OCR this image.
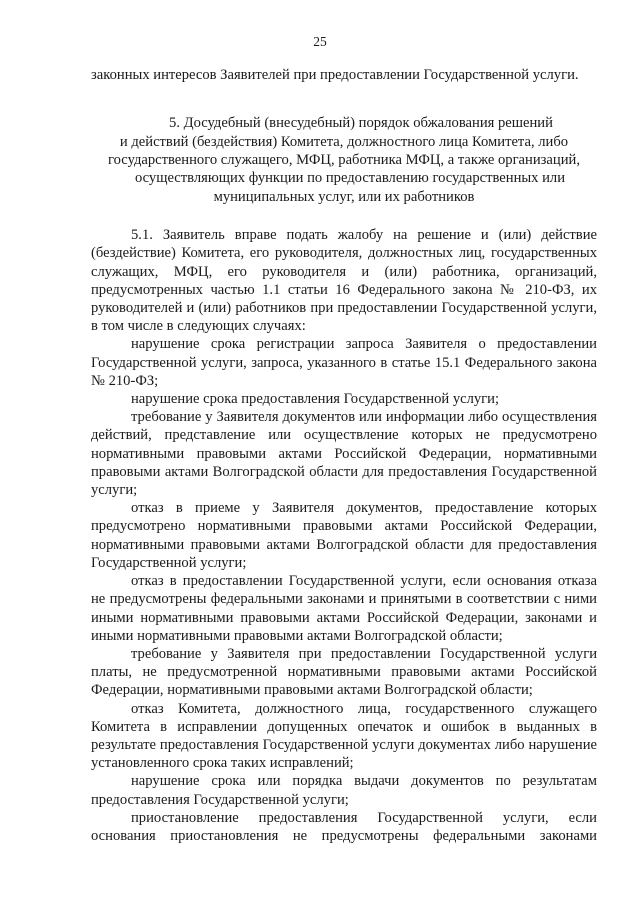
25

законных интересов Заявителей при предоставлении Государственной услуги.

5. Досудебный (внесудебный) порядок обжалования решений
и действий (бездействия) Комитета, должностного лица Комитета, либо
государственного служащего, МФЦ, работника МФЦ, а также организаций,
осуществляющих функции по предоставлению государственных или
муниципальных услуг, или их работников

5.1. Заявитель вправе подать жалобу на решение и (или) действие (бездействие) Комитета, его руководителя, должностных лиц, государственных служащих, МФЦ, его руководителя и (или) работника, организаций, предусмотренных частью 1.1 статьи 16 Федерального закона № 210-ФЗ, их руководителей и (или) работников при предоставлении Государственной услуги, в том числе в следующих случаях:

нарушение срока регистрации запроса Заявителя о предоставлении Государственной услуги, запроса, указанного в статье 15.1 Федерального закона № 210-ФЗ;

нарушение срока предоставления Государственной услуги;

требование у Заявителя документов или информации либо осуществления действий, представление или осуществление которых не предусмотрено нормативными правовыми актами Российской Федерации, нормативными правовыми актами Волгоградской области для предоставления Государственной услуги;

отказ в приеме у Заявителя документов, предоставление которых предусмотрено нормативными правовыми актами Российской Федерации, нормативными правовыми актами Волгоградской области для предоставления Государственной услуги;

отказ в предоставлении Государственной услуги, если основания отказа не предусмотрены федеральными законами и принятыми в соответствии с ними иными нормативными правовыми актами Российской Федерации, законами и иными нормативными правовыми актами Волгоградской области;

требование у Заявителя при предоставлении Государственной услуги платы, не предусмотренной нормативными правовыми актами Российской Федерации, нормативными правовыми актами Волгоградской области;

отказ Комитета, должностного лица, государственного служащего Комитета в исправлении допущенных опечаток и ошибок в выданных в результате предоставления Государственной услуги документах либо нарушение установленного срока таких исправлений;

нарушение срока или порядка выдачи документов по результатам предоставления Государственной услуги;

приостановление предоставления Государственной услуги, если основания приостановления не предусмотрены федеральными законами
